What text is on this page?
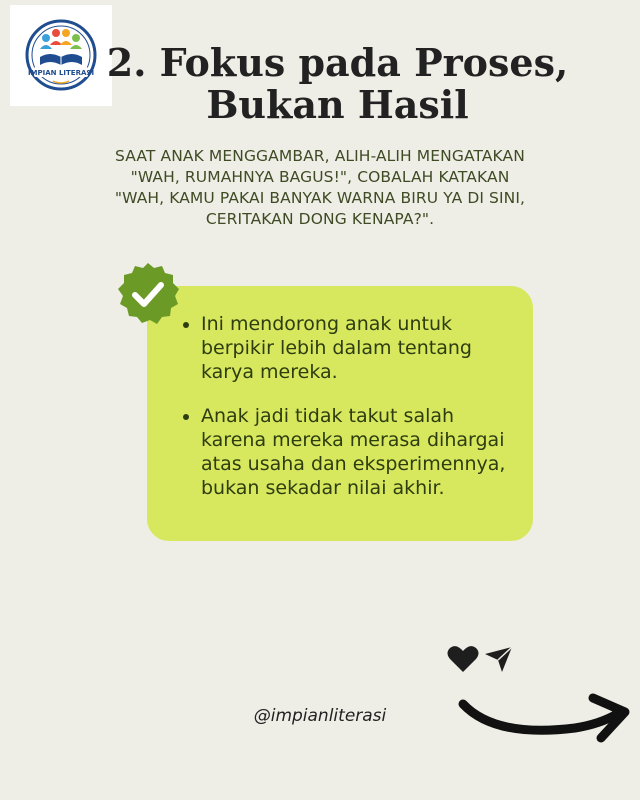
IMPIAN LITERASI 2. Fokus pada Proses,
Bukan Hasil
SAAT ANAK MENGGAMBAR, ALIH-ALIH MENGATAKAN "WAH, RUMAHNYA BAGUS!", COBALAH KATAKAN "WAH, KAMU PAKAI BANYAK WARNA BIRU YA DI SINI, CERITAKAN DONG KENAPA?".
Ini mendorong anak untuk berpikir lebih dalam tentang karya mereka.
Anak jadi tidak takut salah karena mereka merasa dihargai atas usaha dan eksperimennya, bukan sekadar nilai akhir.
@impianliterasi
